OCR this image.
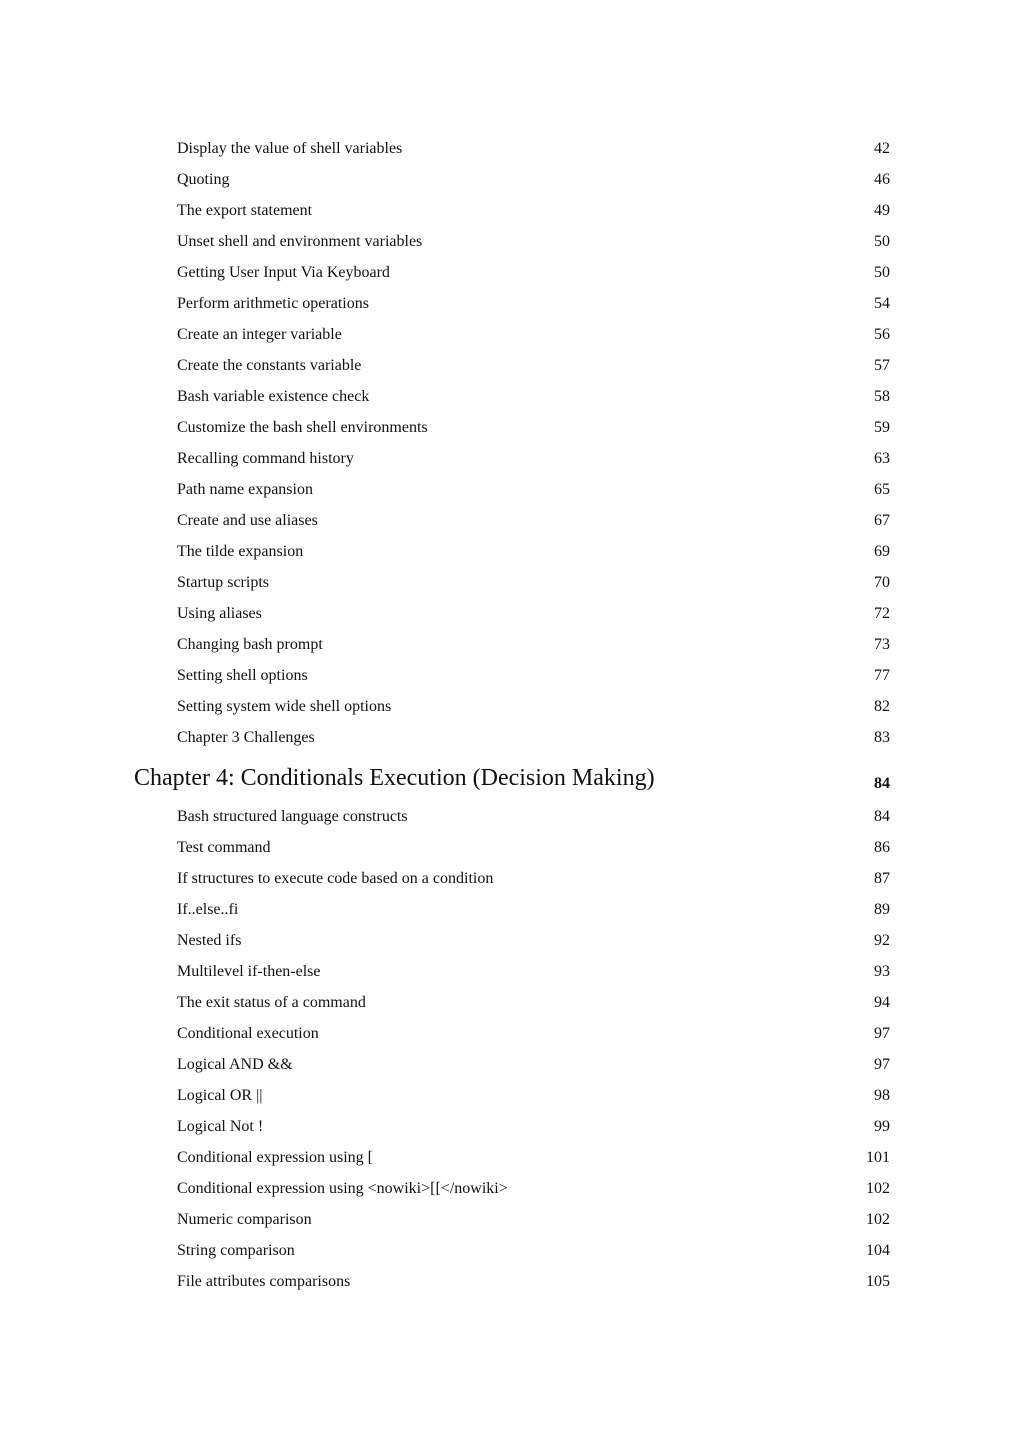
Display the value of shell variables	42
Quoting	46
The export statement	49
Unset shell and environment variables	50
Getting User Input Via Keyboard	50
Perform arithmetic operations	54
Create an integer variable	56
Create the constants variable	57
Bash variable existence check	58
Customize the bash shell environments	59
Recalling command history	63
Path name expansion	65
Create and use aliases	67
The tilde expansion	69
Startup scripts	70
Using aliases	72
Changing bash prompt	73
Setting shell options	77
Setting system wide shell options	82
Chapter 3 Challenges	83
Chapter 4: Conditionals Execution (Decision Making)	84
Bash structured language constructs	84
Test command	86
If structures to execute code based on a condition	87
If..else..fi	89
Nested ifs	92
Multilevel if-then-else	93
The exit status of a command	94
Conditional execution	97
Logical AND &&	97
Logical OR ||	98
Logical Not !	99
Conditional expression using [	101
Conditional expression using <nowiki>[[</nowiki>	102
Numeric comparison	102
String comparison	104
File attributes comparisons	105
